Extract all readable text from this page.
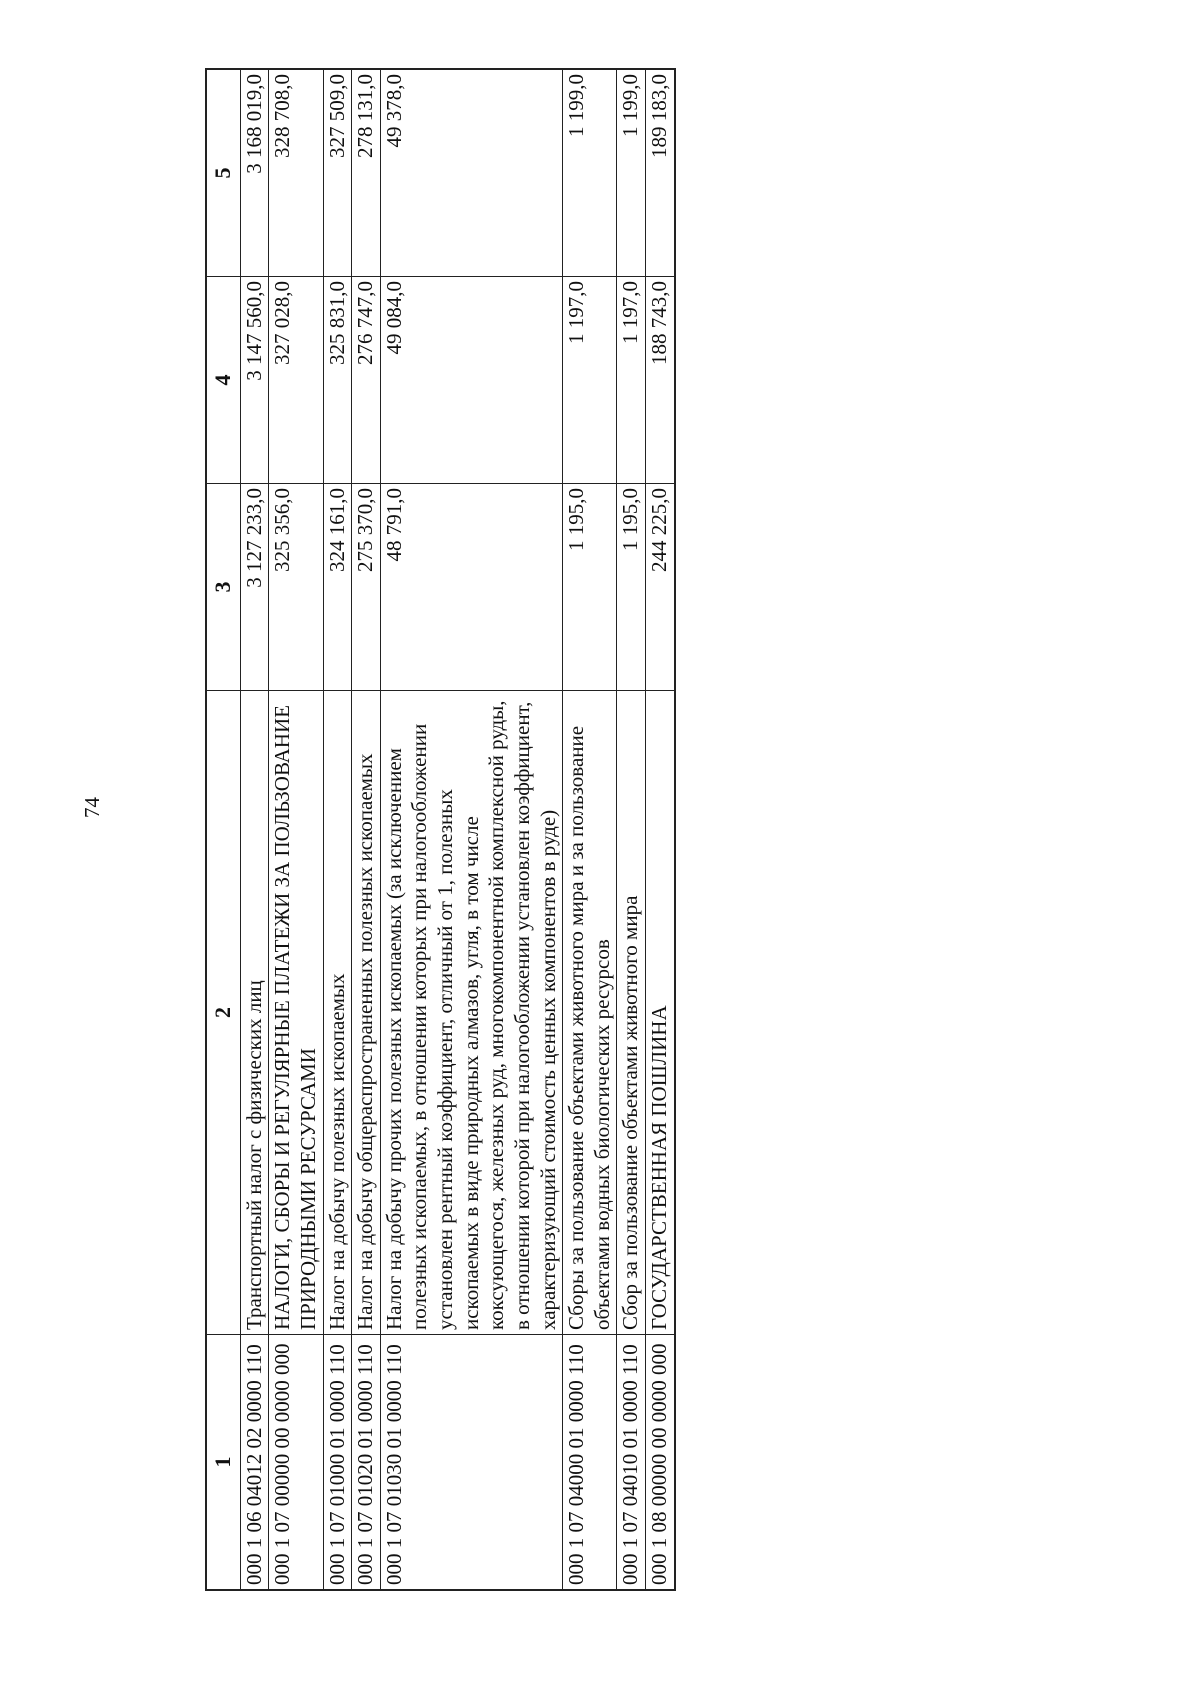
74
1	2	3	4	5
000 1 06 04012 02 0000 110	Транспортный налог с физических лиц	3 127 233,0	3 147 560,0	3 168 019,0
000 1 07 00000 00 0000 000	НАЛОГИ, СБОРЫ И РЕГУЛЯРНЫЕ ПЛАТЕЖИ ЗА ПОЛЬЗОВАНИЕ ПРИРОДНЫМИ РЕСУРСАМИ	325 356,0	327 028,0	328 708,0
000 1 07 01000 01 0000 110	Налог на добычу полезных ископаемых	324 161,0	325 831,0	327 509,0
000 1 07 01020 01 0000 110	Налог на добычу общераспространенных полезных ископаемых	275 370,0	276 747,0	278 131,0
000 1 07 01030 01 0000 110	Налог на добычу прочих полезных ископаемых (за исключением полезных ископаемых, в отношении которых при налогообложении установлен рентный коэффициент, отличный от 1, полезных ископаемых в виде природных алмазов, угля, в том числе коксующегося, железных руд, многокомпонентной комплексной руды, в отношении которой при налогообложении установлен коэффициент, характеризующий стоимость ценных компонентов в руде)	48 791,0	49 084,0	49 378,0
000 1 07 04000 01 0000 110	Сборы за пользование объектами животного мира и за пользование объектами водных биологических ресурсов	1 195,0	1 197,0	1 199,0
000 1 07 04010 01 0000 110	Сбор за пользование объектами животного мира	1 195,0	1 197,0	1 199,0
000 1 08 00000 00 0000 000	ГОСУДАРСТВЕННАЯ ПОШЛИНА	244 225,0	188 743,0	189 183,0
